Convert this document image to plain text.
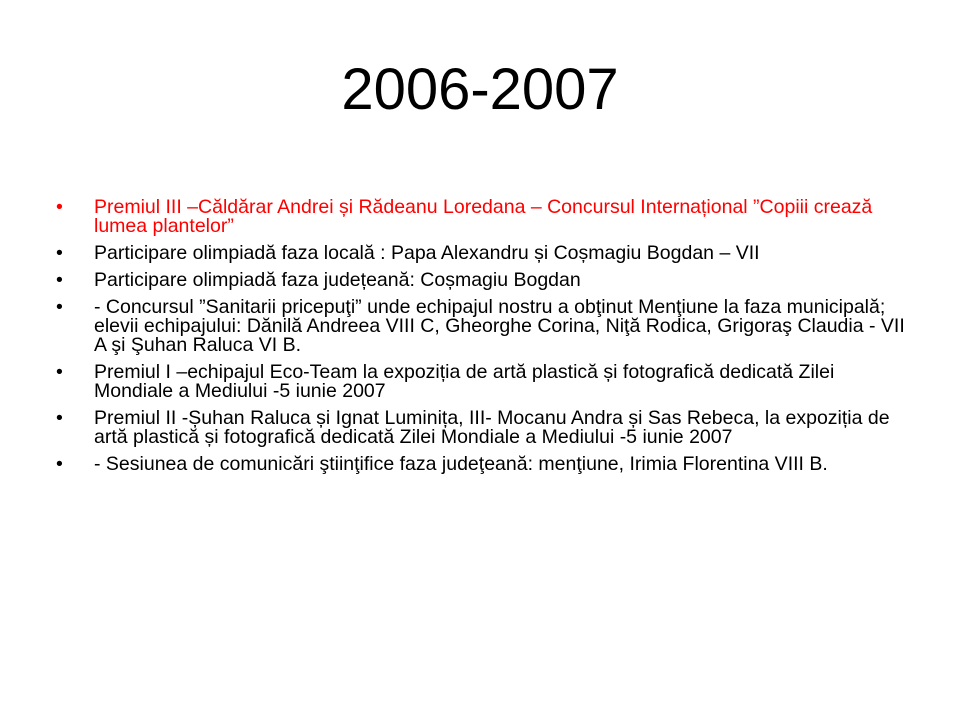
2006-2007
•	Premiul III –Căldărar Andrei și Rădeanu Loredana – Concursul Internațional ”Copiii crează lumea plantelor”
•	Participare olimpiadă faza locală : Papa Alexandru și Coșmagiu Bogdan – VII
•	Participare olimpiadă faza județeană: Coșmagiu Bogdan
•	- Concursul ”Sanitarii pricepuţi” unde echipajul nostru a obţinut Menţiune la faza municipală; elevii echipajului: Dănilă Andreea VIII C, Gheorghe Corina, Niţă Rodica, Grigoraş Claudia - VII A şi Şuhan Raluca VI B.
•	Premiul I –echipajul Eco-Team la expoziția de artă plastică și fotografică dedicată Zilei Mondiale a Mediului -5 iunie 2007
•	Premiul II -Șuhan Raluca și Ignat Luminița, III- Mocanu Andra și Sas Rebeca, la expoziția de artă plastică și fotografică dedicată Zilei Mondiale a Mediului -5 iunie 2007
•	- Sesiunea de comunicări ştiinţifice faza judeţeană: menţiune, Irimia Florentina VIII B.
